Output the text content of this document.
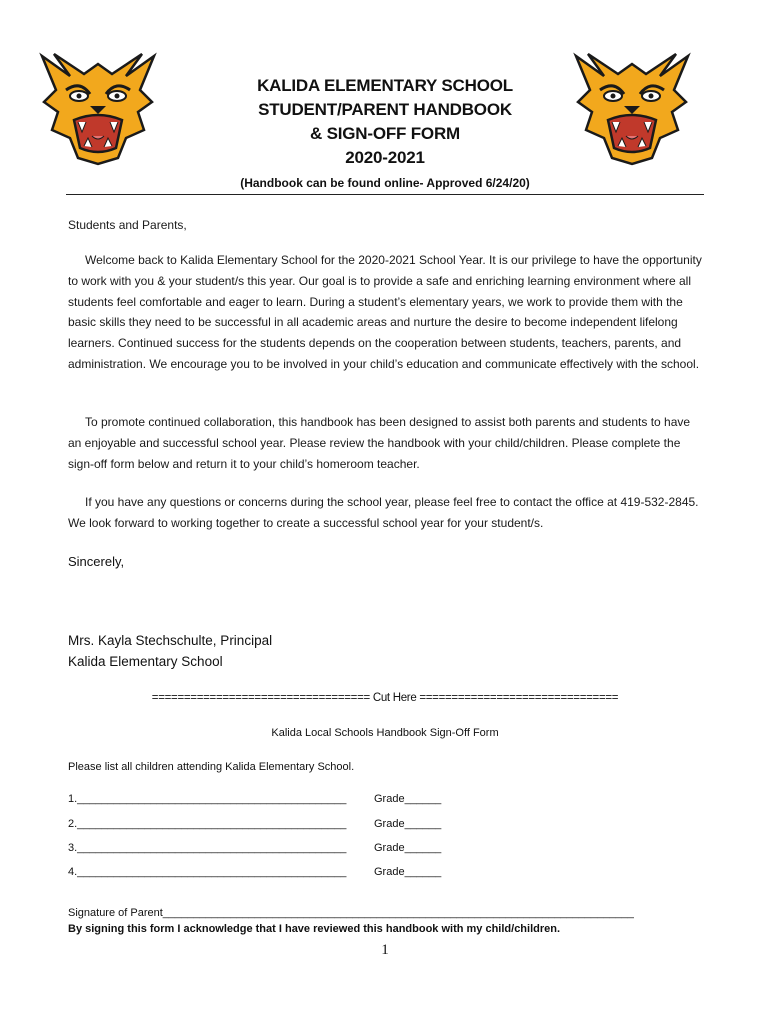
KALIDA ELEMENTARY SCHOOL
STUDENT/PARENT HANDBOOK
& SIGN-OFF FORM
2020-2021
(Handbook can be found online- Approved 6/24/20)
Students and Parents,

Welcome back to Kalida Elementary School for the 2020-2021 School Year. It is our privilege to have the opportunity to work with you & your student/s this year. Our goal is to provide a safe and enriching learning environment where all students feel comfortable and eager to learn. During a student’s elementary years, we work to provide them with the basic skills they need to be successful in all academic areas and nurture the desire to become independent lifelong learners. Continued success for the students depends on the cooperation between students, teachers, parents, and administration. We encourage you to be involved in your child’s education and communicate effectively with the school.

To promote continued collaboration, this handbook has been designed to assist both parents and students to have an enjoyable and successful school year. Please review the handbook with your child/children. Please complete the sign-off form below and return it to your child’s homeroom teacher.

If you have any questions or concerns during the school year, please feel free to contact the office at 419-532-2845. We look forward to working together to create a successful school year for your student/s.

Sincerely,
Mrs. Kayla Stechschulte, Principal
Kalida Elementary School
================================== Cut Here ===============================
Kalida Local Schools Handbook Sign-Off Form
Please list all children attending Kalida Elementary School.
1.____________________________________________	Grade______
2.____________________________________________	Grade______
3.____________________________________________	Grade______
4.____________________________________________	Grade______
Signature of Parent_____________________________________________________________________________
By signing this form I acknowledge that I have reviewed this handbook with my child/children.
1
